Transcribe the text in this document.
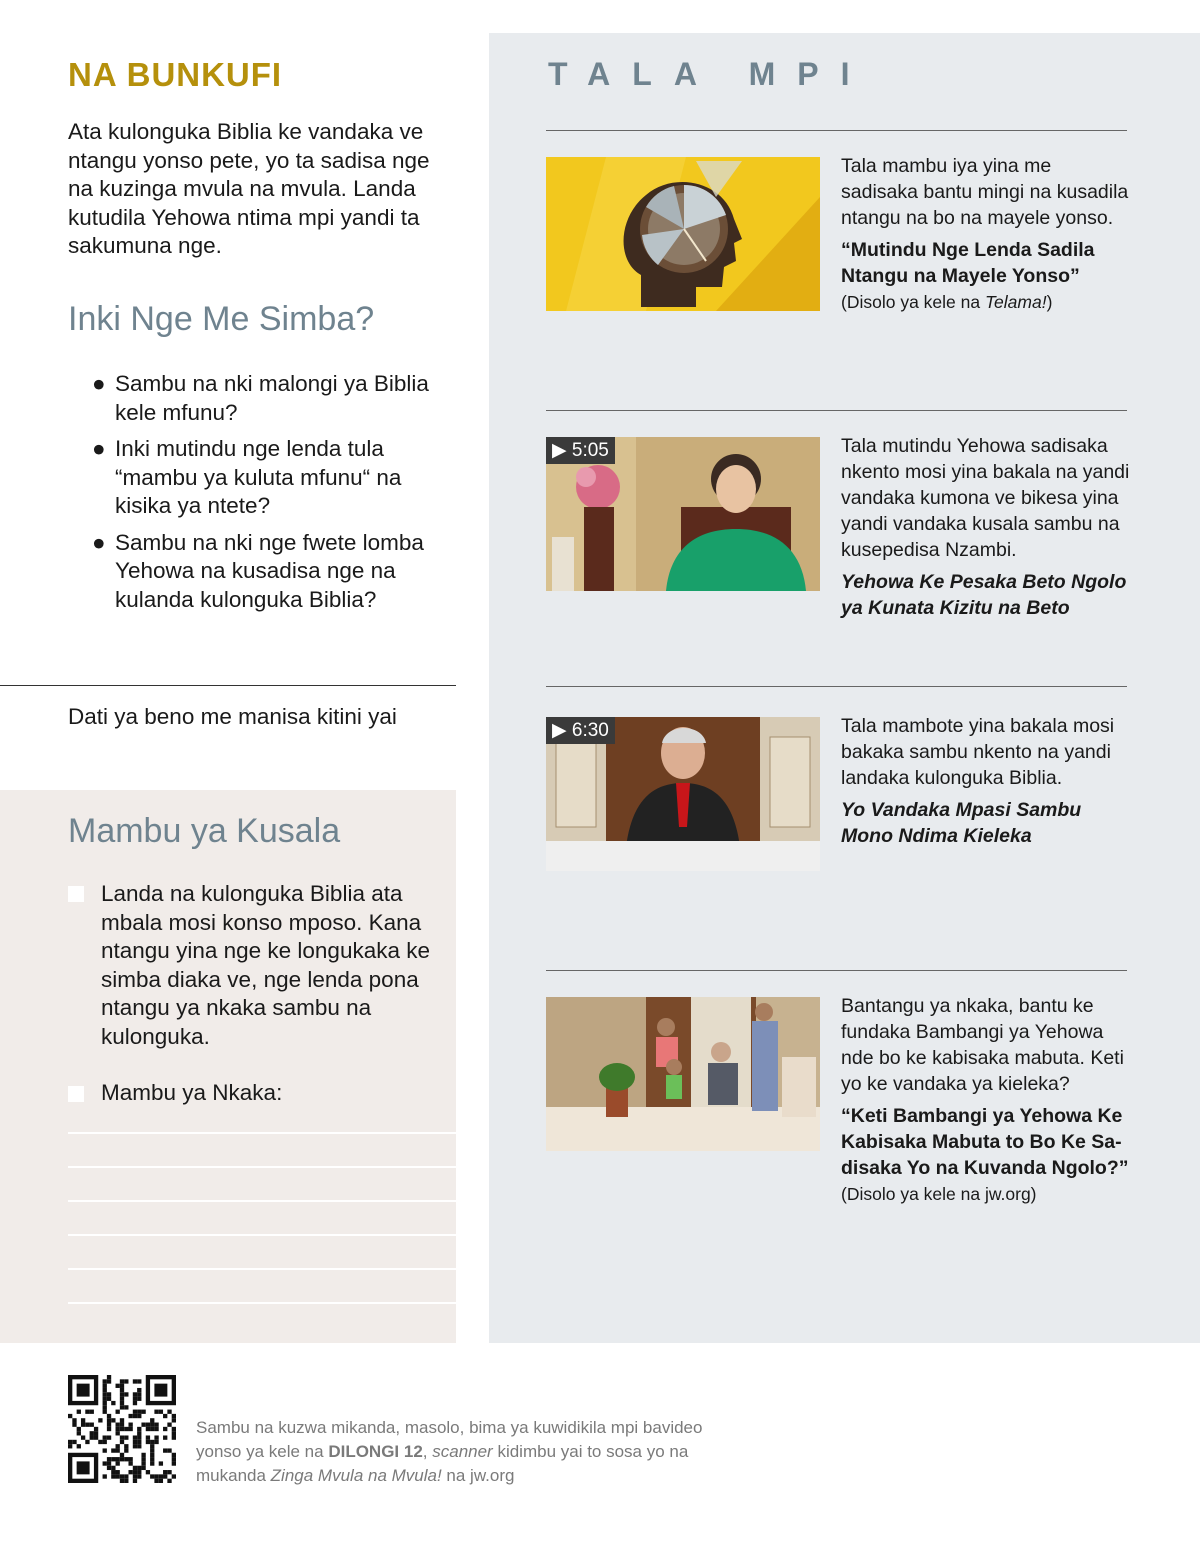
NA BUNKUFI
Ata kulonguka Biblia ke vandaka ve ntangu yonso pete, yo ta sadisa nge na kuzinga mvula na mvula. Landa kutudila Yehowa ntima mpi yandi ta sakumuna nge.
Inki Nge Me Simba?
● Sambu na nki malongi ya Biblia kele mfunu?
● Inki mutindu nge lenda tula “mambu ya kuluta mfunu“ na kisika ya ntete?
● Sambu na nki nge fwete lomba Yehowa na kusadisa nge na kulanda kulonguka Biblia?
Dati ya beno me manisa kitini yai
Mambu ya Kusala
Landa na kulonguka Biblia ata mbala mosi konso mposo. Kana ntangu yina nge ke longukaka ke simba diaka ve, nge lenda pona ntangu ya nkaka sambu na kulonguka.
Mambu ya Nkaka:
TALA MPI

Tala mambu iya yina me sadisaka bantu mingi na kusadila ntangu na bo na mayele yonso.

“Mutindu Nge Lenda Sadila Ntangu na Mayele Yonso”

(Disolo ya kele na Telama!)

▶ 5:05	Tala mutindu Yehowa sadisaka nkento mosi yina bakala na yandi vandaka kumona ve bikesa yina yandi vandaka kusala sambu na kusepedisa Nzambi.

Yehowa Ke Pesaka Beto Ngolo ya Kunata Kizitu na Beto

▶ 6:30	Tala mambote yina bakala mosi bakaka sambu nkento na yandi landaka kulonguka Biblia.

Yo Vandaka Mpasi Sambu Mono Ndima Kieleka

Bantangu ya nkaka, bantu ke fundaka Bambangi ya Yehowa nde bo ke kabisaka mabuta. Keti yo ke vandaka ya kieleka?

“Keti Bambangi ya Yehowa Ke Kabisaka Mabuta to Bo Ke Sadisaka Yo na Kuvanda Ngolo?”

(Disolo ya kele na jw.org)

Sambu na kuzwa mikanda, masolo, bima ya kuwidikila mpi bavideo yonso ya kele na DILONGI 12, scanner kidimbu yai to sosa yo na mukanda Zinga Mvula na Mvula! na jw.org
